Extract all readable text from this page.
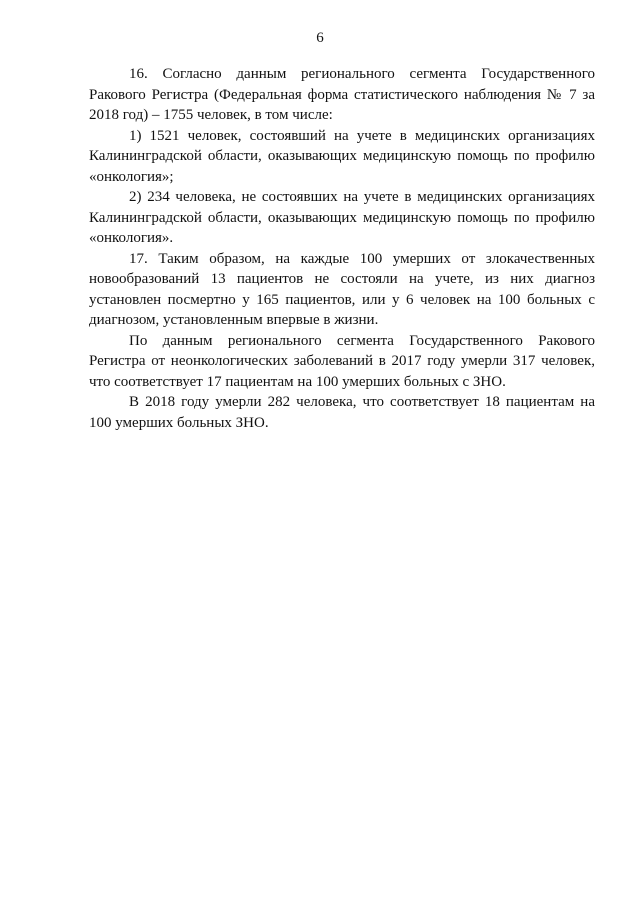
6

16. Согласно данным регионального сегмента Государственного Ракового Регистра (Федеральная форма статистического наблюдения № 7 за 2018 год) – 1755 человек, в том числе:

1) 1521 человек, состоявший на учете в медицинских организациях Калининградской области, оказывающих медицинскую помощь по профилю «онкология»;

2) 234 человека, не состоявших на учете в медицинских организациях Калининградской области, оказывающих медицинскую помощь по профилю «онкология».

17. Таким образом, на каждые 100 умерших от злокачественных новообразований 13 пациентов не состояли на учете, из них диагноз установлен посмертно у 165 пациентов, или у 6 человек на 100 больных с диагнозом, установленным впервые в жизни.

По данным регионального сегмента Государственного Ракового Регистра от неонкологических заболеваний в 2017 году умерли 317 человек, что соответствует 17 пациентам на 100 умерших больных с ЗНО.

В 2018 году умерли 282 человека, что соответствует 18 пациентам на 100 умерших больных ЗНО.
